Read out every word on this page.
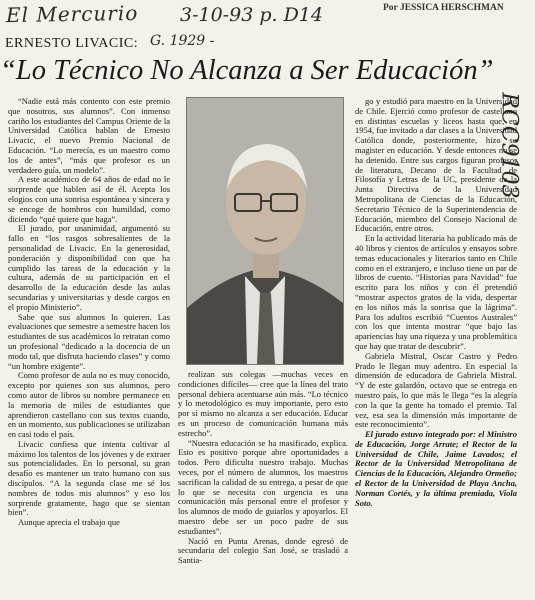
El Mercurio 3-10-93 p. D14	Por JESSICA HERSCHMAN
ERNESTO LIVACIC: G. 1929 -
“Lo Técnico No Alcanza a Ser Educación”
RCC9103

“Nadie está más contento con este premio que nosotros, sus alumnos”. Con inmenso cariño los estudiantes del Campus Oriente de la Universidad Católica hablan de Ernesto Livacic, el nuevo Premio Nacional de Educación. “Lo merecía, es un maestro como los de antes”, “más que profesor es un verdadero guía, un modelo”.

A este académico de 64 años de edad no le sorprende que hablen así de él. Acepta los elogios con una sonrisa espontánea y sincera y se encoge de hombros con humildad, como diciendo “qué quiere que haga”.

El jurado, por unanimidad, argumentó su fallo en “los rasgos sobresalientes de la personalidad de Livacic. En la generosidad, ponderación y disponibilidad con que ha cumplido las tareas de la educación y la cultura, además de su participación en el desarrollo de la educación desde las aulas secundarias y universitarias y desde cargos en el propio Ministerio”.

Sabe que sus alumnos lo quieren. Las evaluaciones que semestre a semestre hacen los estudiantes de sus académicos lo retratan como un profesional “dedicado a la docencia de un modo tal, que disfruta haciendo clases” y como “un hombre exigente”.

Como profesor de aula no es muy conocido, excepto por quienes son sus alumnos, pero como autor de libros su nombre permanece en la memoria de miles de estudiantes que aprendieron castellano con sus textos cuando, en un momento, sus publicaciones se utilizaban en casi todo el país.

Livacic confiesa que intenta cultivar al máximo los talentos de los jóvenes y de extraer sus potencialidades. En lo personal, su gran desafío es mantener un trato humano con sus discípulos. “A la segunda clase me sé los nombres de todos mis alumnos” y eso los sorprende gratamente, hago que se sientan bien”.

Aunque aprecia el trabajo que

realizan sus colegas —muchas veces en condiciones difíciles— cree que la línea del trato personal debiera acentuarse aún más. “Lo técnico y lo metodológico es muy importante, pero esto por sí mismo no alcanza a ser educación. Educar es un proceso de comunicación humana más estrecho”.

“Nuestra educación se ha masificado, explica. Esto es positivo porque abre oportunidades a todos. Pero dificulta nuestro trabajo. Muchas veces, por el número de alumnos, los maestros sacrifican la calidad de su entrega, a pesar de que lo que se necesita con urgencia es una comunicación más personal entre el profesor y los alumnos de modo de guiarlos y apoyarlos. El maestro debe ser un poco padre de sus estudiantes”.

Nació en Punta Arenas, donde egresó de secundaria del colegio San José, se trasladó a Santia-

go y estudió para maestro en la Universidad de Chile. Ejerció como profesor de castellano en distintas escuelas y liceos hasta que, en 1954, fue invitado a dar clases a la Universidad Católica donde, posteriormente, hizo su magister en educación. Y desde entonces no se ha detenido. Entre sus cargos figuran profesor de literatura, Decano de la Facultad de Filosofía y Letras de la UC, presidente de la Junta Directiva de la Universidad Metropolitana de Ciencias de la Educación, Secretario Técnico de la Superintendencia de Educación, miembro del Consejo Nacional de Educación, entre otros.

En la actividad literaria ha publicado más de 40 libros y cientos de artículos y ensayos sobre temas educacionales y literarios tanto en Chile como en el extranjero, e incluso tiene un par de libros de cuento. “Historias para Navidad” fue escrito para los niños y con él pretendió “mostrar aspectos gratos de la vida, despertar en los niños más la sonrisa que la lágrima”. Para los adultos escribió “Cuentos Australes” con los que intenta mostrar “que bajo las apariencias hay una riqueza y una problemática que hay que tratar de descubrir”.

Gabriela Mistral, Oscar Castro y Pedro Prado le llegan muy adentro. En especial la dimensión de educadora de Gabriela Mistral. “Y de este galardón, octavo que se entrega en nuestro país, lo que más le llega “es la alegría con la que la gente ha tomado el premio. Tal vez, esa sea la dimensión más importante de este reconocimiento”.

El jurado estuvo integrado por: el Ministro de Educación, Jorge Arrate; el Rector de la Universidad de Chile, Jaime Lavados; el Rector de la Universidad Metropolitana de Ciencias de la Educación, Alejandro Ormeño; el Rector de la Universidad de Playa Ancha, Norman Cortés, y la última premiada, Viola Soto.
